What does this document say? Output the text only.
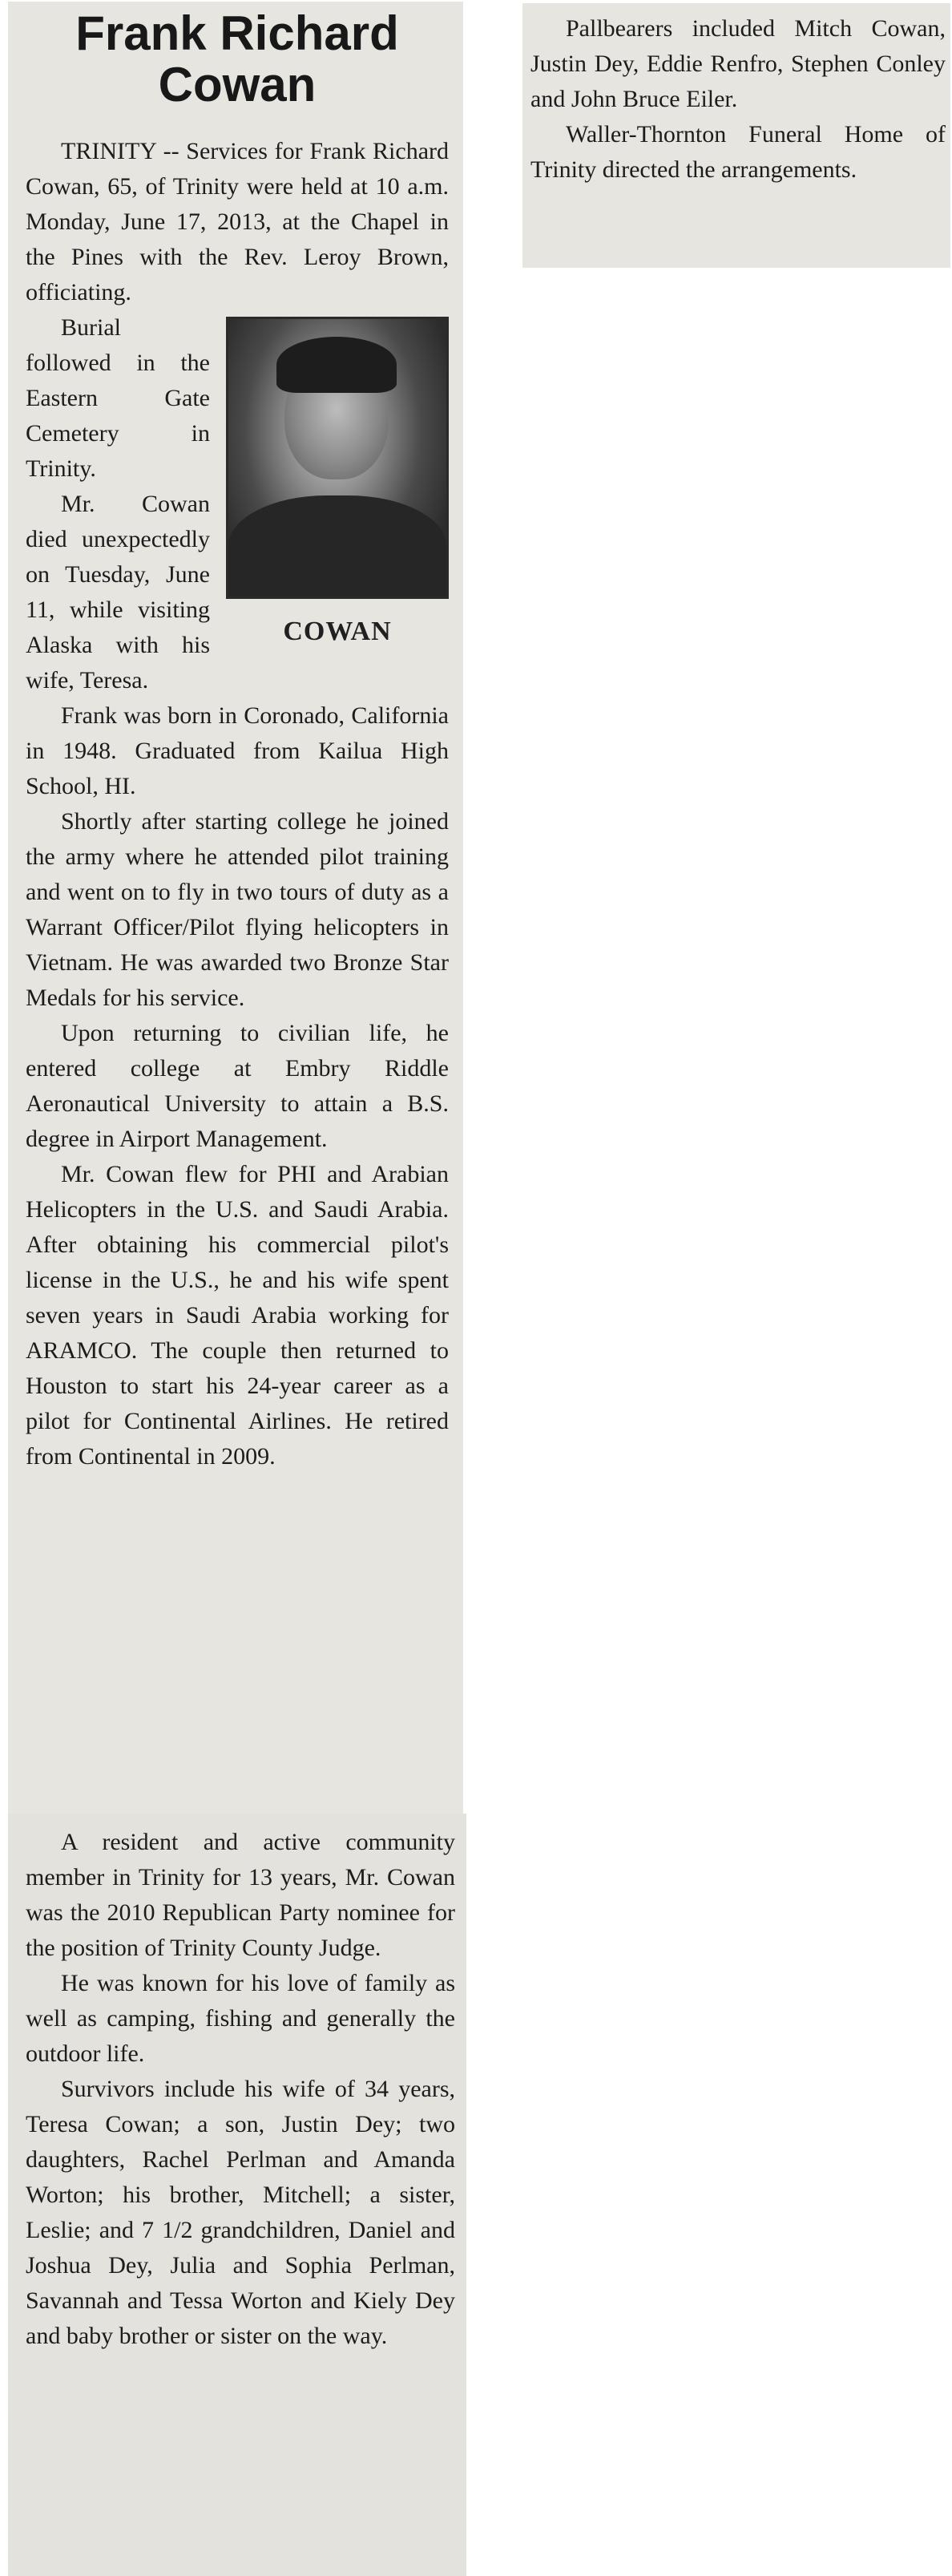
Frank Richard Cowan

TRINITY -- Services for Frank Richard Cowan, 65, of Trinity were held at 10 a.m. Monday, June 17, 2013, at the Chapel in the Pines with the Rev. Leroy Brown, officiating.

COWAN

Burial followed in the Eastern Gate Cemetery in Trinity.

Mr. Cowan died unexpectedly on Tuesday, June 11, while visiting Alaska with his wife, Teresa.

Frank was born in Coronado, California in 1948. Graduated from Kailua High School, HI.

Shortly after starting college he joined the army where he attended pilot training and went on to fly in two tours of duty as a Warrant Officer/Pilot flying helicopters in Vietnam. He was awarded two Bronze Star Medals for his service.

Upon returning to civilian life, he entered college at Embry Riddle Aeronautical University to attain a B.S. degree in Airport Management.

Mr. Cowan flew for PHI and Arabian Helicopters in the U.S. and Saudi Arabia. After obtaining his commercial pilot's license in the U.S., he and his wife spent seven years in Saudi Arabia working for ARAMCO. The couple then returned to Houston to start his 24-year career as a pilot for Continental Airlines. He retired from Continental in 2009.

A resident and active community member in Trinity for 13 years, Mr. Cowan was the 2010 Republican Party nominee for the position of Trinity County Judge.

He was known for his love of family as well as camping, fishing and generally the outdoor life.

Survivors include his wife of 34 years, Teresa Cowan; a son, Justin Dey; two daughters, Rachel Perlman and Amanda Worton; his brother, Mitchell; a sister, Leslie; and 7 1/2 grandchildren, Daniel and Joshua Dey, Julia and Sophia Perlman, Savannah and Tessa Worton and Kiely Dey and baby brother or sister on the way.

Pallbearers included Mitch Cowan, Justin Dey, Eddie Renfro, Stephen Conley and John Bruce Eiler.

Waller-Thornton Funeral Home of Trinity directed the arrangements.
